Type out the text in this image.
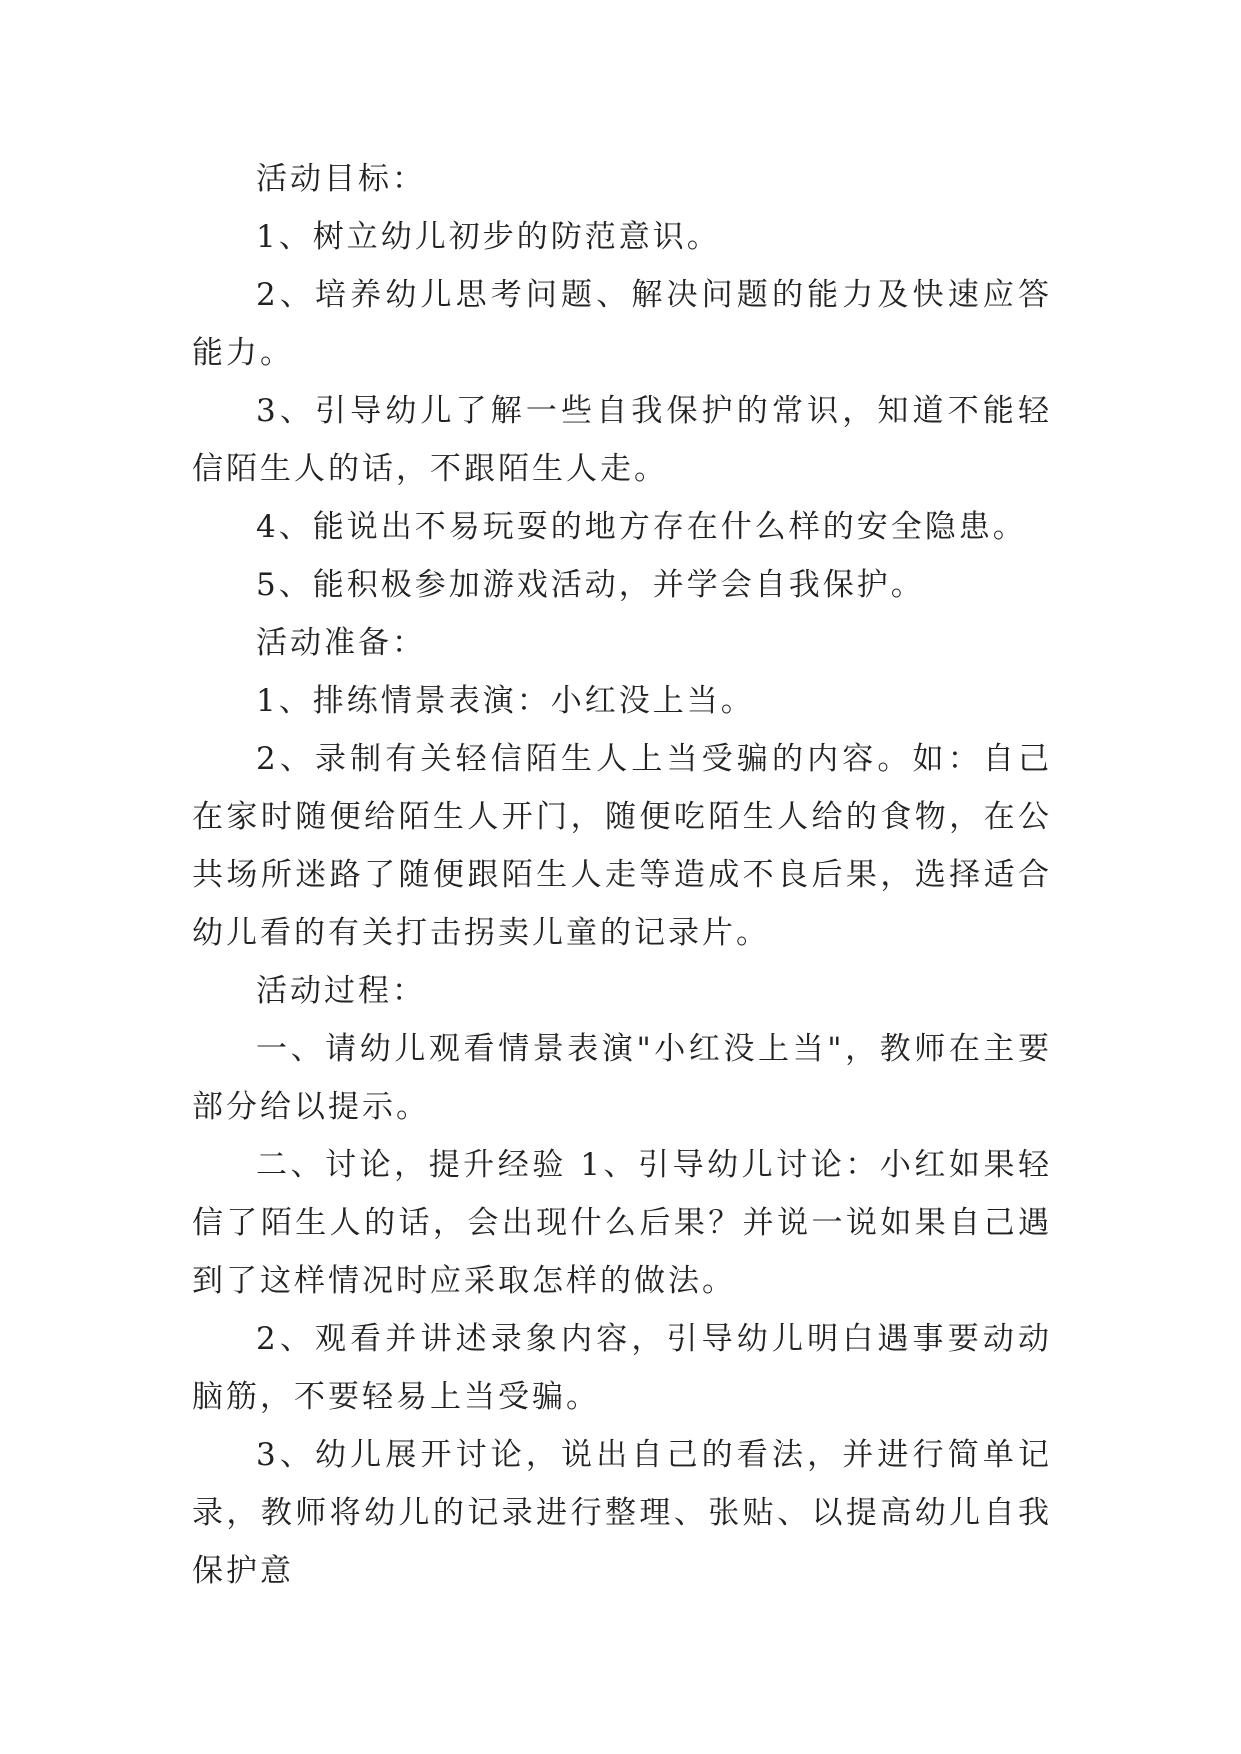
活动目标：

1、树立幼儿初步的防范意识。

2、培养幼儿思考问题、解决问题的能力及快速应答能力。

3、引导幼儿了解一些自我保护的常识，知道不能轻信陌生人的话，不跟陌生人走。

4、能说出不易玩耍的地方存在什么样的安全隐患。

5、能积极参加游戏活动，并学会自我保护。

活动准备：

1、排练情景表演：小红没上当。

2、录制有关轻信陌生人上当受骗的内容。如：自己在家时随便给陌生人开门，随便吃陌生人给的食物，在公共场所迷路了随便跟陌生人走等造成不良后果，选择适合幼儿看的有关打击拐卖儿童的记录片。

活动过程：

一、请幼儿观看情景表演"小红没上当"，教师在主要部分给以提示。

二、讨论，提升经验 1、引导幼儿讨论：小红如果轻信了陌生人的话，会出现什么后果？并说一说如果自己遇到了这样情况时应采取怎样的做法。

2、观看并讲述录象内容，引导幼儿明白遇事要动动脑筋，不要轻易上当受骗。

3、幼儿展开讨论，说出自己的看法，并进行简单记录，教师将幼儿的记录进行整理、张贴、以提高幼儿自我保护意
